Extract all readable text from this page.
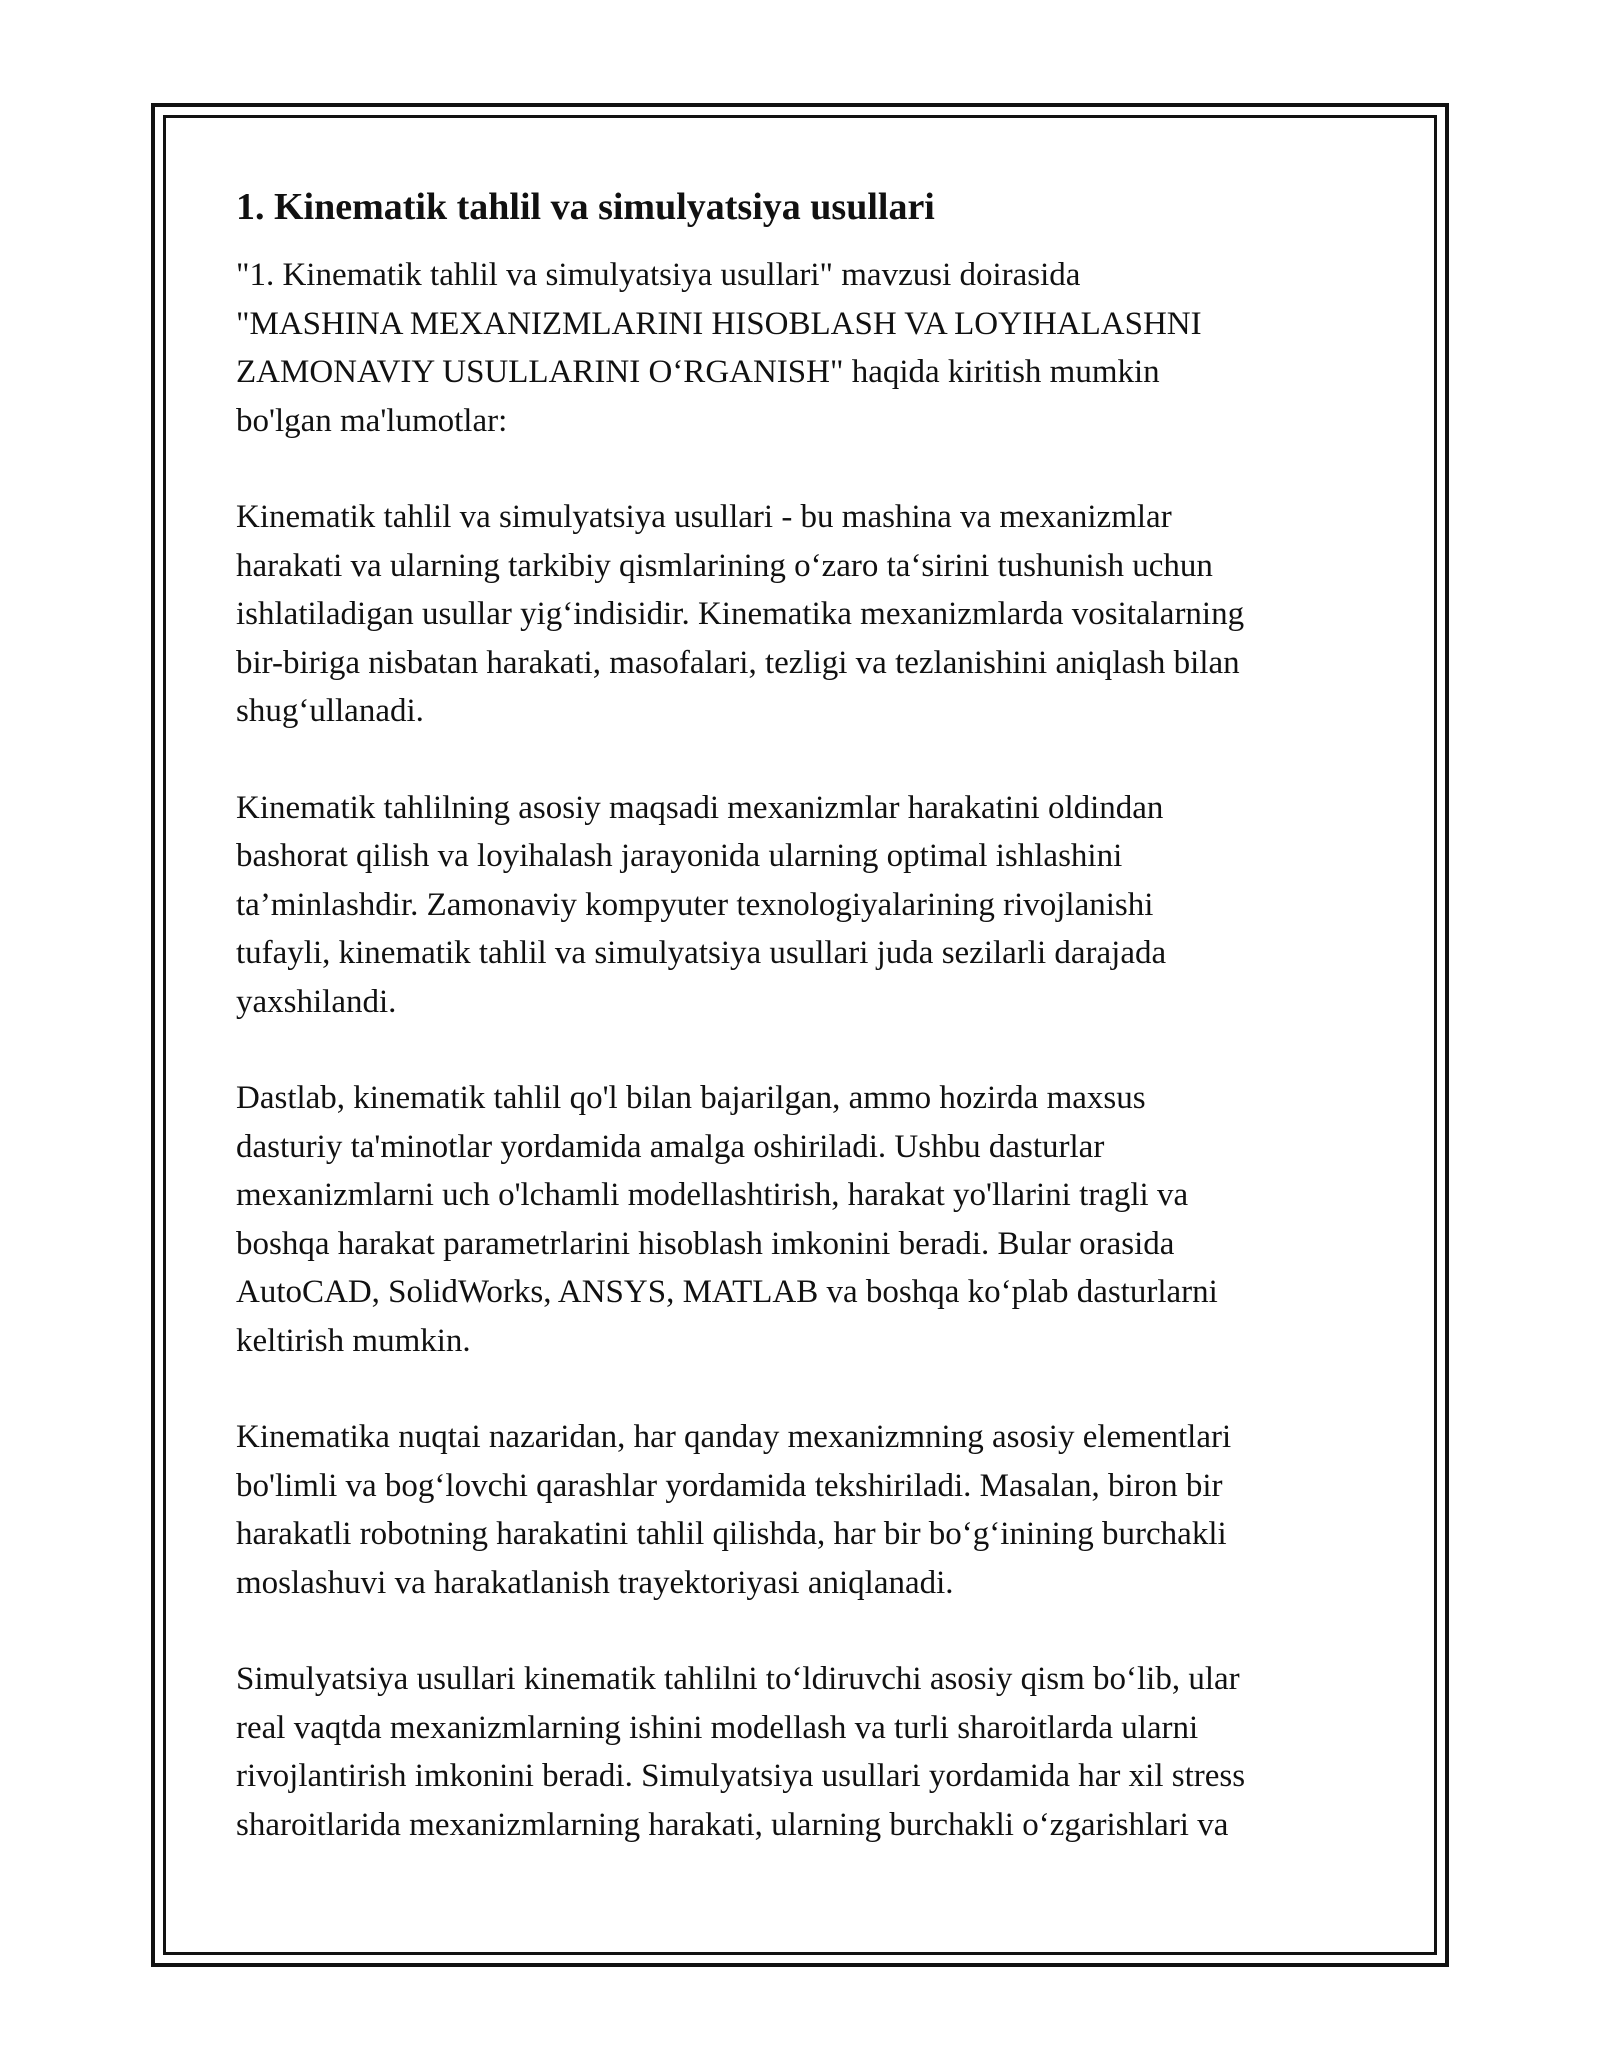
1. Kinematik tahlil va simulyatsiya usullari

"1. Kinematik tahlil va simulyatsiya usullari" mavzusi doirasida
"MASHINA MEXANIZMLARINI HISOBLASH VA LOYIHALASHNI
ZAMONAVIY USULLARINI O‘RGANISH" haqida kiritish mumkin
bo'lgan ma'lumotlar:

Kinematik tahlil va simulyatsiya usullari - bu mashina va mexanizmlar
harakati va ularning tarkibiy qismlarining o‘zaro ta‘sirini tushunish uchun
ishlatiladigan usullar yig‘indisidir. Kinematika mexanizmlarda vositalarning
bir-biriga nisbatan harakati, masofalari, tezligi va tezlanishini aniqlash bilan
shug‘ullanadi.

Kinematik tahlilning asosiy maqsadi mexanizmlar harakatini oldindan
bashorat qilish va loyihalash jarayonida ularning optimal ishlashini
ta’minlashdir. Zamonaviy kompyuter texnologiyalarining rivojlanishi
tufayli, kinematik tahlil va simulyatsiya usullari juda sezilarli darajada
yaxshilandi.

Dastlab, kinematik tahlil qo'l bilan bajarilgan, ammo hozirda maxsus
dasturiy ta'minotlar yordamida amalga oshiriladi. Ushbu dasturlar
mexanizmlarni uch o'lchamli modellashtirish, harakat yo'llarini tragli va
boshqa harakat parametrlarini hisoblash imkonini beradi. Bular orasida
AutoCAD, SolidWorks, ANSYS, MATLAB va boshqa ko‘plab dasturlarni
keltirish mumkin.

Kinematika nuqtai nazaridan, har qanday mexanizmning asosiy elementlari
bo'limli va bog‘lovchi qarashlar yordamida tekshiriladi. Masalan, biron bir
harakatli robotning harakatini tahlil qilishda, har bir bo‘g‘inining burchakli
moslashuvi va harakatlanish trayektoriyasi aniqlanadi.

Simulyatsiya usullari kinematik tahlilni to‘ldiruvchi asosiy qism bo‘lib, ular
real vaqtda mexanizmlarning ishini modellash va turli sharoitlarda ularni
rivojlantirish imkonini beradi. Simulyatsiya usullari yordamida har xil stress
sharoitlarida mexanizmlarning harakati, ularning burchakli o‘zgarishlari va
